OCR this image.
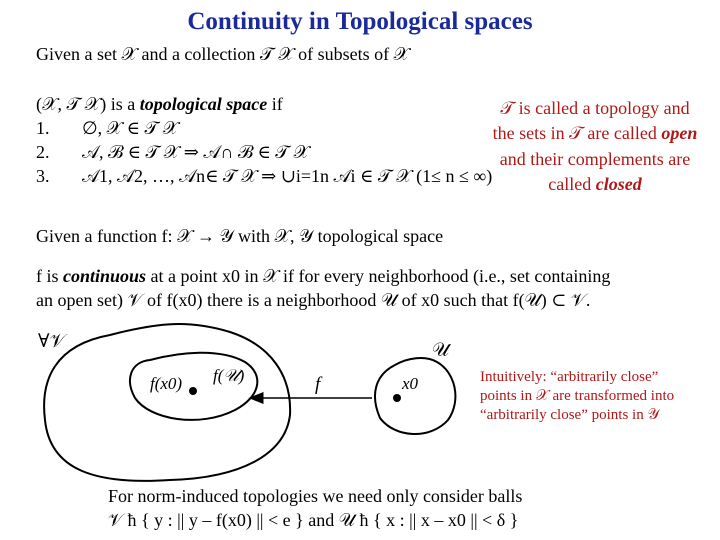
Continuity in Topological spaces
Given a set 𝒳 and a collection 𝒯 𝒳 of subsets of 𝒳
(𝒳, 𝒯 𝒳) is a topological space if
1. ∅, 𝒳 ∈ 𝒯 𝒳
2. 𝒜, ℬ ∈ 𝒯 𝒳 ⇒ 𝒜∩ ℬ ∈ 𝒯 𝒳
3. 𝒜1, 𝒜2, …, 𝒜n∈ 𝒯 𝒳 ⇒ ∪i=1n 𝒜i ∈ 𝒯 𝒳 (1≤ n ≤ ∞)
𝒯 is called a topology and
the sets in 𝒯 are called open
and their complements are
called closed
Given a function f: 𝒳 → 𝒴 with 𝒳, 𝒴 topological space
f is continuous at a point x0 in 𝒳 if for every neighborhood (i.e., set containing
an open set) 𝒱 of f(x0) there is a neighborhood 𝒰 of x0 such that f(𝒰) ⊂ 𝒱.
∀𝒱
f(x0) f(𝒰)	f
𝒰
x0	Intuitively: “arbitrarily close”
points in 𝒳 are transformed into
“arbitrarily close” points in 𝒴
For norm-induced topologies we need only consider balls
𝒱 ħ { y : || y – f(x0) || < e } and 𝒰 ħ { x : || x – x0 || < δ }
